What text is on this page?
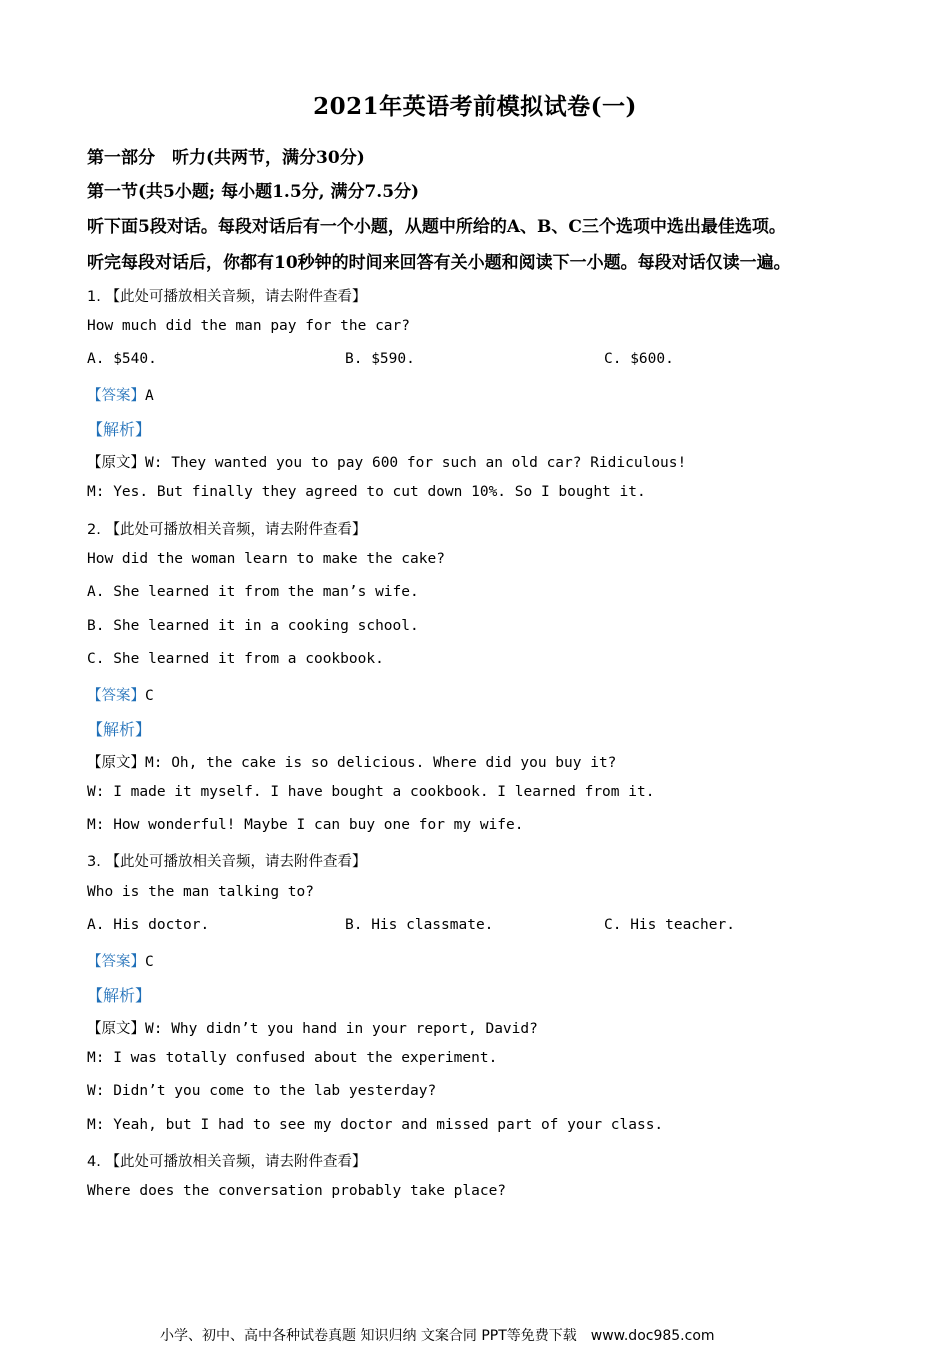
2021年英语考前模拟试卷(一)
第一部分　听力(共两节，满分30分)
第一节(共5小题; 每小题1.5分, 满分7.5分)
听下面5段对话。每段对话后有一个小题，从题中所给的A、B、C三个选项中选出最佳选项。
听完每段对话后，你都有10秒钟的时间来回答有关小题和阅读下一小题。每段对话仅读一遍。
1. 【此处可播放相关音频，请去附件查看】
How much did the man pay for the car?
A. $540.	B. $590.	C. $600.
【答案】A
【解析】
【原文】W: They wanted you to pay 600 for such an old car? Ridiculous!
M: Yes. But finally they agreed to cut down 10%. So I bought it.
2. 【此处可播放相关音频，请去附件查看】
How did the woman learn to make the cake?
A. She learned it from the man’s wife.
B. She learned it in a cooking school.
C. She learned it from a cookbook.
【答案】C
【解析】
【原文】M: Oh, the cake is so delicious. Where did you buy it?
W: I made it myself. I have bought a cookbook. I learned from it.
M: How wonderful! Maybe I can buy one for my wife.
3. 【此处可播放相关音频，请去附件查看】
Who is the man talking to?
A. His doctor.	B. His classmate.	C. His teacher.
【答案】C
【解析】
【原文】W: Why didn’t you hand in your report, David?
M: I was totally confused about the experiment.
W: Didn’t you come to the lab yesterday?
M: Yeah, but I had to see my doctor and missed part of your class.
4. 【此处可播放相关音频，请去附件查看】
Where does the conversation probably take place?
小学、初中、高中各种试卷真题 知识归纳 文案合同 PPT等免费下载　www.doc985.com
